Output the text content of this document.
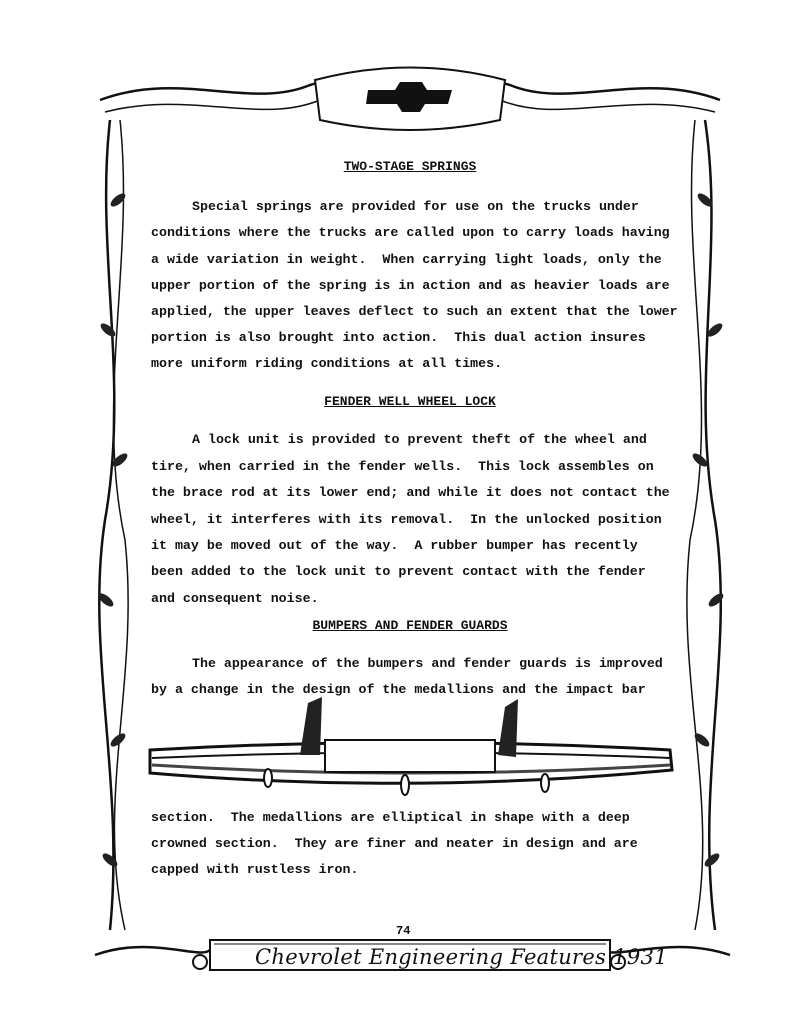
TWO-STAGE SPRINGS
Special springs are provided for use on the trucks under
conditions where the trucks are called upon to carry loads having
a wide variation in weight.  When carrying light loads, only the
upper portion of the spring is in action and as heavier loads are
applied, the upper leaves deflect to such an extent that the lower
portion is also brought into action.  This dual action insures
more uniform riding conditions at all times.
FENDER WELL WHEEL LOCK
A lock unit is provided to prevent theft of the wheel and
tire, when carried in the fender wells.  This lock assembles on
the brace rod at its lower end; and while it does not contact the
wheel, it interferes with its removal.  In the unlocked position
it may be moved out of the way.  A rubber bumper has recently
been added to the lock unit to prevent contact with the fender
and consequent noise.
BUMPERS AND FENDER GUARDS
The appearance of the bumpers and fender guards is improved
by a change in the design of the medallions and the impact bar
section.  The medallions are elliptical in shape with a deep
crowned section.  They are finer and neater in design and are
capped with rustless iron.
74
Chevrolet Engineering Features 1931
